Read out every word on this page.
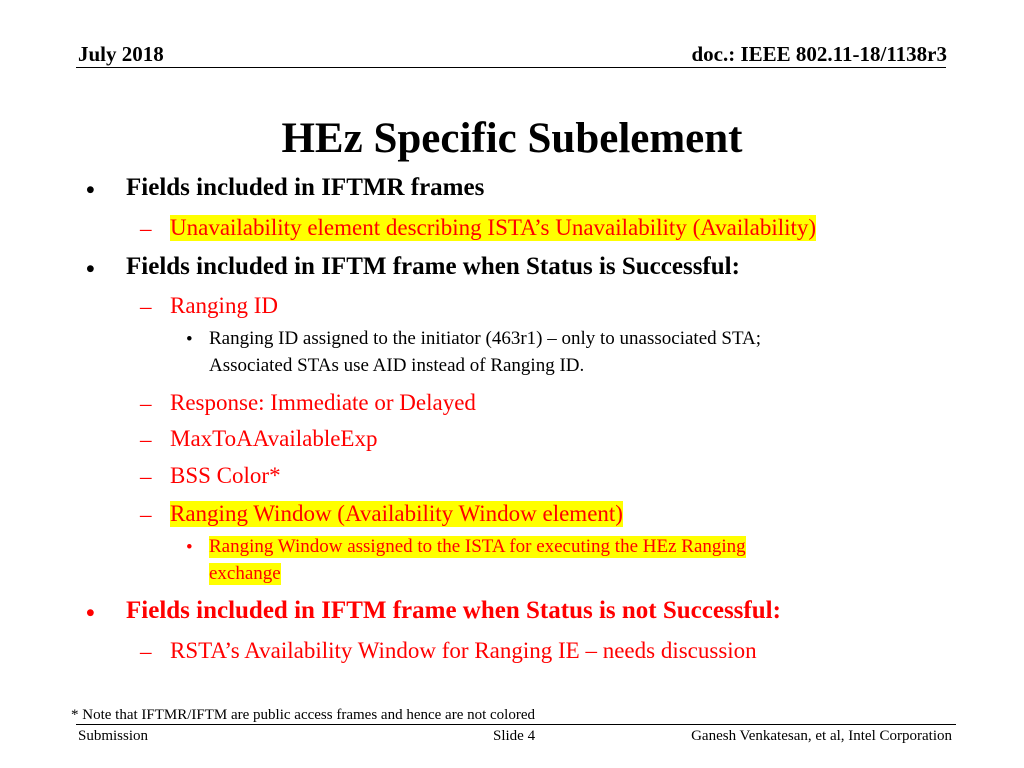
July 2018	doc.: IEEE 802.11-18/1138r3
HEz Specific Subelement
• Fields included in IFTMR frames
– Unavailability element describing ISTA’s Unavailability (Availability)
• Fields included in IFTM frame when Status is Successful:
– Ranging ID
• Ranging ID assigned to the initiator (463r1) – only to unassociated STA;
Associated STAs use AID instead of Ranging ID.
– Response: Immediate or Delayed
– MaxToAAvailableExp
– BSS Color*
– Ranging Window (Availability Window element)
• Ranging Window assigned to the ISTA for executing the HEz Ranging
exchange
• Fields included in IFTM frame when Status is not Successful:
– RSTA’s Availability Window for Ranging IE – needs discussion
* Note that IFTMR/IFTM are public access frames and hence are not colored
Submission	Slide 4	Ganesh Venkatesan, et al, Intel Corporation
